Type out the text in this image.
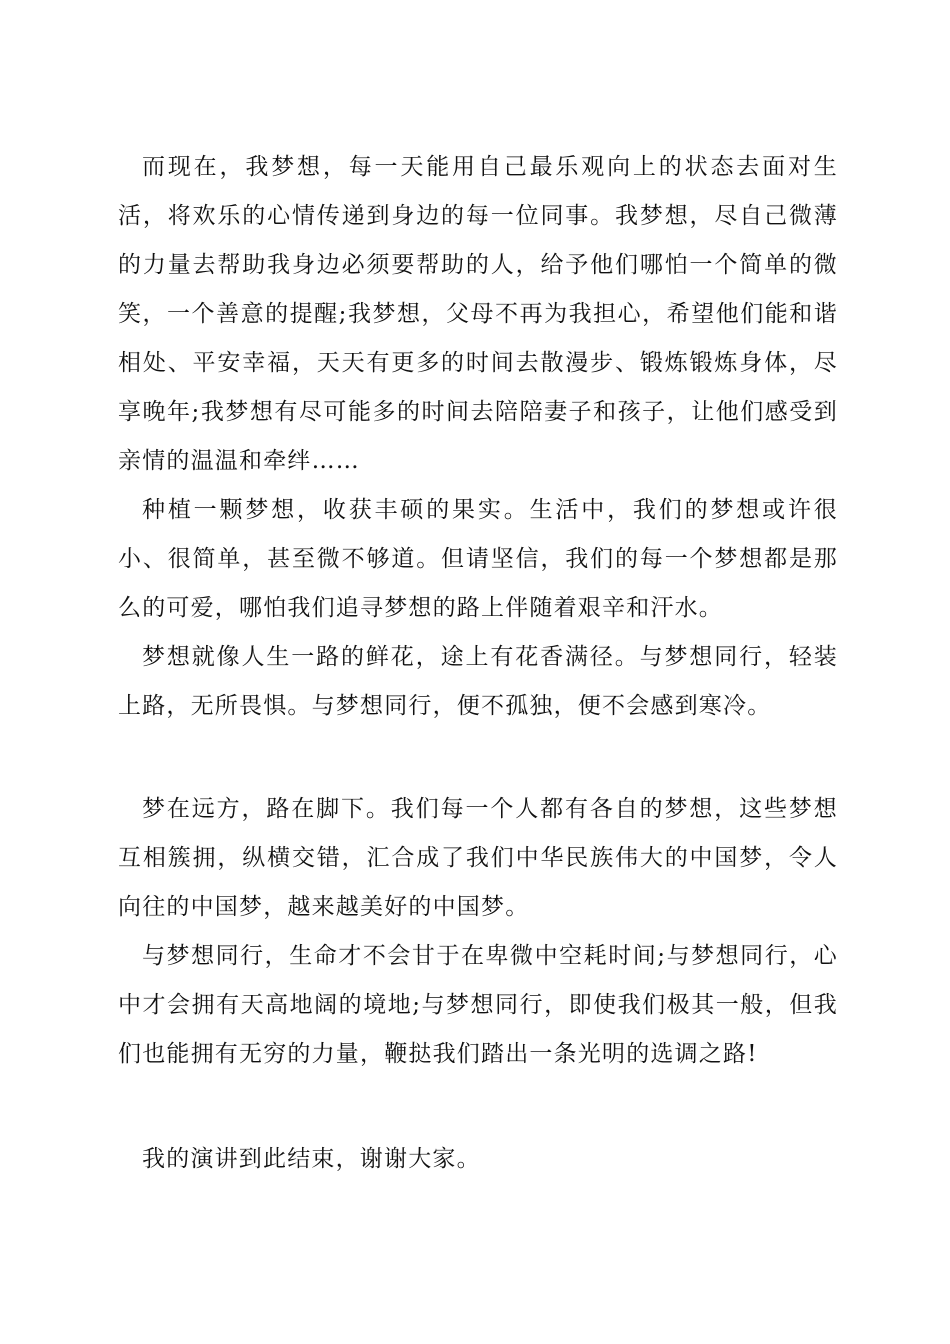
而现在，我梦想，每一天能用自己最乐观向上的状态去面对生活，将欢乐的心情传递到身边的每一位同事。我梦想，尽自己微薄的力量去帮助我身边必须要帮助的人，给予他们哪怕一个简单的微笑，一个善意的提醒;我梦想，父母不再为我担心，希望他们能和谐相处、平安幸福，天天有更多的时间去散漫步、锻炼锻炼身体，尽享晚年;我梦想有尽可能多的时间去陪陪妻子和孩子，让他们感受到亲情的温温和牵绊……

种植一颗梦想，收获丰硕的果实。生活中，我们的梦想或许很小、很简单，甚至微不够道。但请坚信，我们的每一个梦想都是那么的可爱，哪怕我们追寻梦想的路上伴随着艰辛和汗水。

梦想就像人生一路的鲜花，途上有花香满径。与梦想同行，轻装上路，无所畏惧。与梦想同行，便不孤独，便不会感到寒冷。

梦在远方，路在脚下。我们每一个人都有各自的梦想，这些梦想互相簇拥，纵横交错，汇合成了我们中华民族伟大的中国梦，令人向往的中国梦，越来越美好的中国梦。

与梦想同行，生命才不会甘于在卑微中空耗时间;与梦想同行，心中才会拥有天高地阔的境地;与梦想同行，即使我们极其一般，但我们也能拥有无穷的力量，鞭挞我们踏出一条光明的选调之路!

我的演讲到此结束，谢谢大家。
